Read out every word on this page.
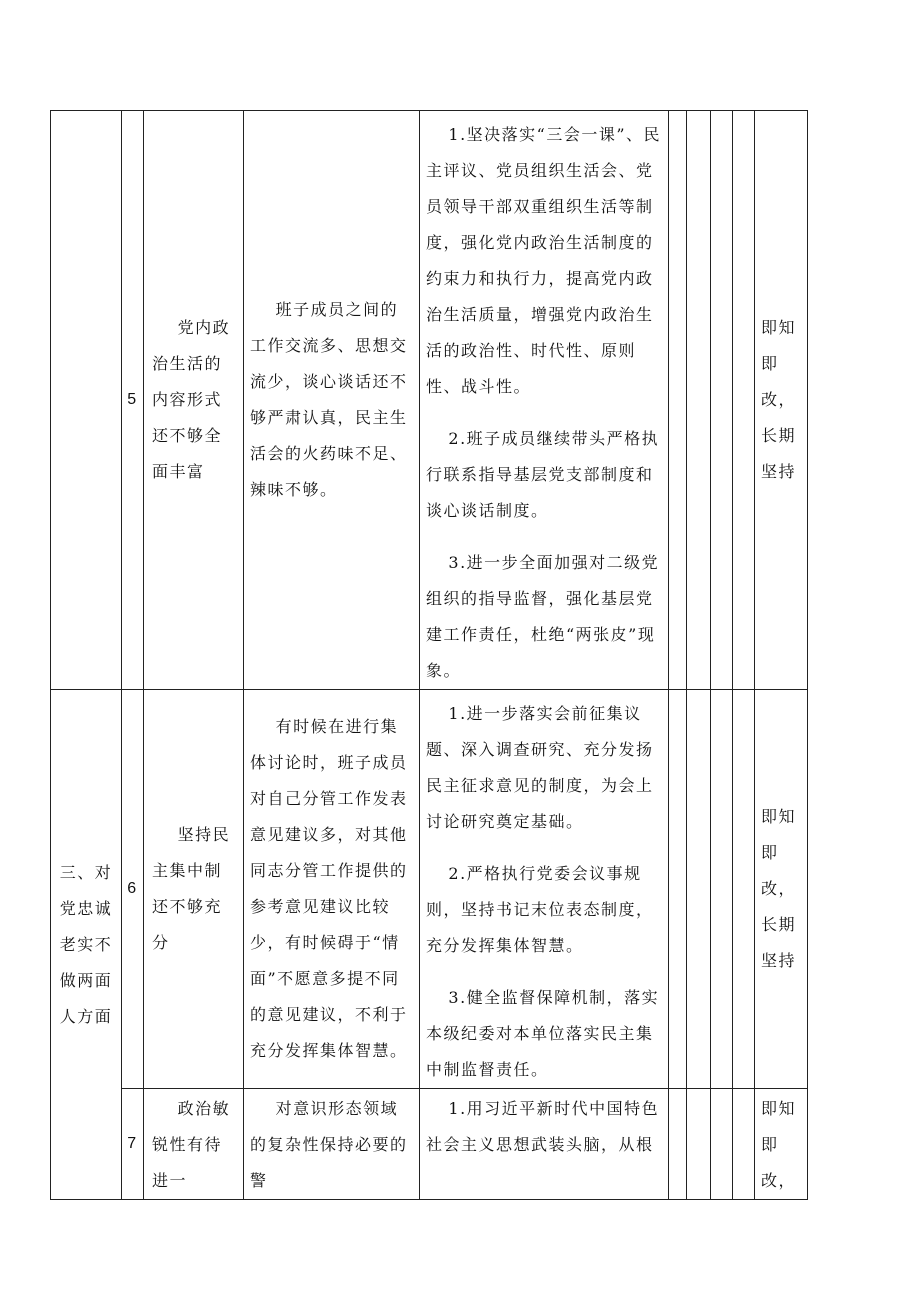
	5	党内政治生活的内容形式还不够全面丰富	班子成员之间的工作交流多、思想交流少，谈心谈话还不够严肃认真，民主生活会的火药味不足、辣味不够。	1.坚决落实“三会一课”、民主评议、党员组织生活会、党员领导干部双重组织生活等制度，强化党内政治生活制度的约束力和执行力，提高党内政治生活质量，增强党内政治生活的政治性、时代性、原则性、战斗性。

2.班子成员继续带头严格执行联系指导基层党支部制度和谈心谈话制度。

3.进一步全面加强对二级党组织的指导监督，强化基层党建工作责任，杜绝“两张皮”现象。					即知即改，长期坚持

三、对党忠诚老实不做两面人方面	6	坚持民主集中制还不够充分	有时候在进行集体讨论时，班子成员对自己分管工作发表意见建议多，对其他同志分管工作提供的参考意见建议比较少，有时候碍于“情面”不愿意多提不同的意见建议，不利于充分发挥集体智慧。	1.进一步落实会前征集议题、深入调查研究、充分发扬民主征求意见的制度，为会上讨论研究奠定基础。

2.严格执行党委会议事规则，坚持书记末位表态制度，充分发挥集体智慧。

3.健全监督保障机制，落实本级纪委对本单位落实民主集中制监督责任。					即知即改，长期坚持

	7	政治敏锐性有待进一	对意识形态领域的复杂性保持必要的警	1.用习近平新时代中国特色社会主义思想武装头脑，从根					即知即改，
